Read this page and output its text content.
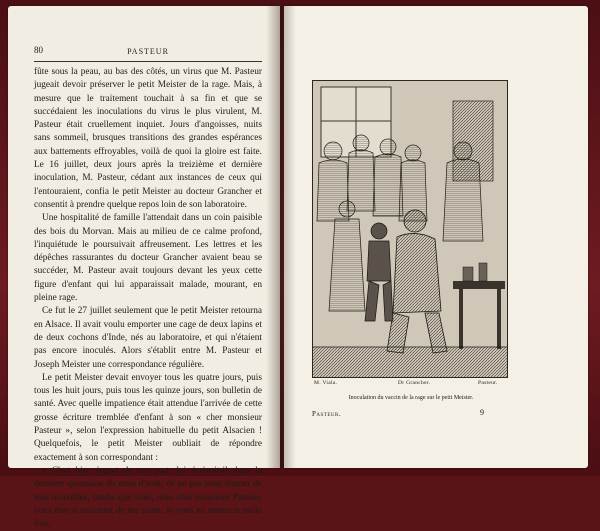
80	PASTEUR

fûte sous la peau, au bas des côtés, un virus que M. Pasteur jugeait devoir préserver le petit Meister de la rage. Mais, à mesure que le traitement touchait à sa fin et que se succédaient les inoculations du virus le plus virulent, M. Pasteur était cruellement inquiet. Jours d'angoisses, nuits sans sommeil, brusques transitions des grandes espérances aux battements effroyables, voilà de quoi la gloire est faite. Le 16 juillet, deux jours après la treizième et dernière inoculation, M. Pasteur, cédant aux instances de ceux qui l'entouraient, confia le petit Meister au docteur Grancher et consentit à prendre quelque repos loin de son laboratoire.

Une hospitalité de famille l'attendait dans un coin paisible des bois du Morvan. Mais au milieu de ce calme profond, l'inquiétude le poursuivait affreusement. Les lettres et les dépêches rassurantes du docteur Grancher avaient beau se succéder, M. Pasteur avait toujours devant les yeux cette figure d'enfant qui lui apparaissait malade, mourant, en pleine rage.

Ce fut le 27 juillet seulement que le petit Meister retourna en Alsace. Il avait voulu emporter une cage de deux lapins et de deux cochons d'Inde, nés au laboratoire, et qui n'étaient pas encore inoculés. Alors s'établit entre M. Pasteur et Joseph Meister une correspondance régulière.

Le petit Meister devait envoyer tous les quatre jours, puis tous les huit jours, puis tous les quinze jours, son bulletin de santé. Avec quelle impatience était attendue l'arrivée de cette grosse écriture tremblée d'enfant à son « cher monsieur Pasteur », selon l'expression habituelle du petit Alsacien ! Quelquefois, le petit Meister oubliait de répondre exactement à son correspondant :

« C'est bien ingrat de ma part, lui écrivait-il dans la dernière quinzaine du mois d'août, de ne pas vous donner de mes nouvelles, tandis que vous, mon cher monsieur Pasteur, vous êtes si soucieux de ma santé. Je vous en remercie mille fois,

M. Viala.	Dr Grancher.	Pasteur.
Inoculation du vaccin de la rage sur le petit Meister.
Pasteur.	9
